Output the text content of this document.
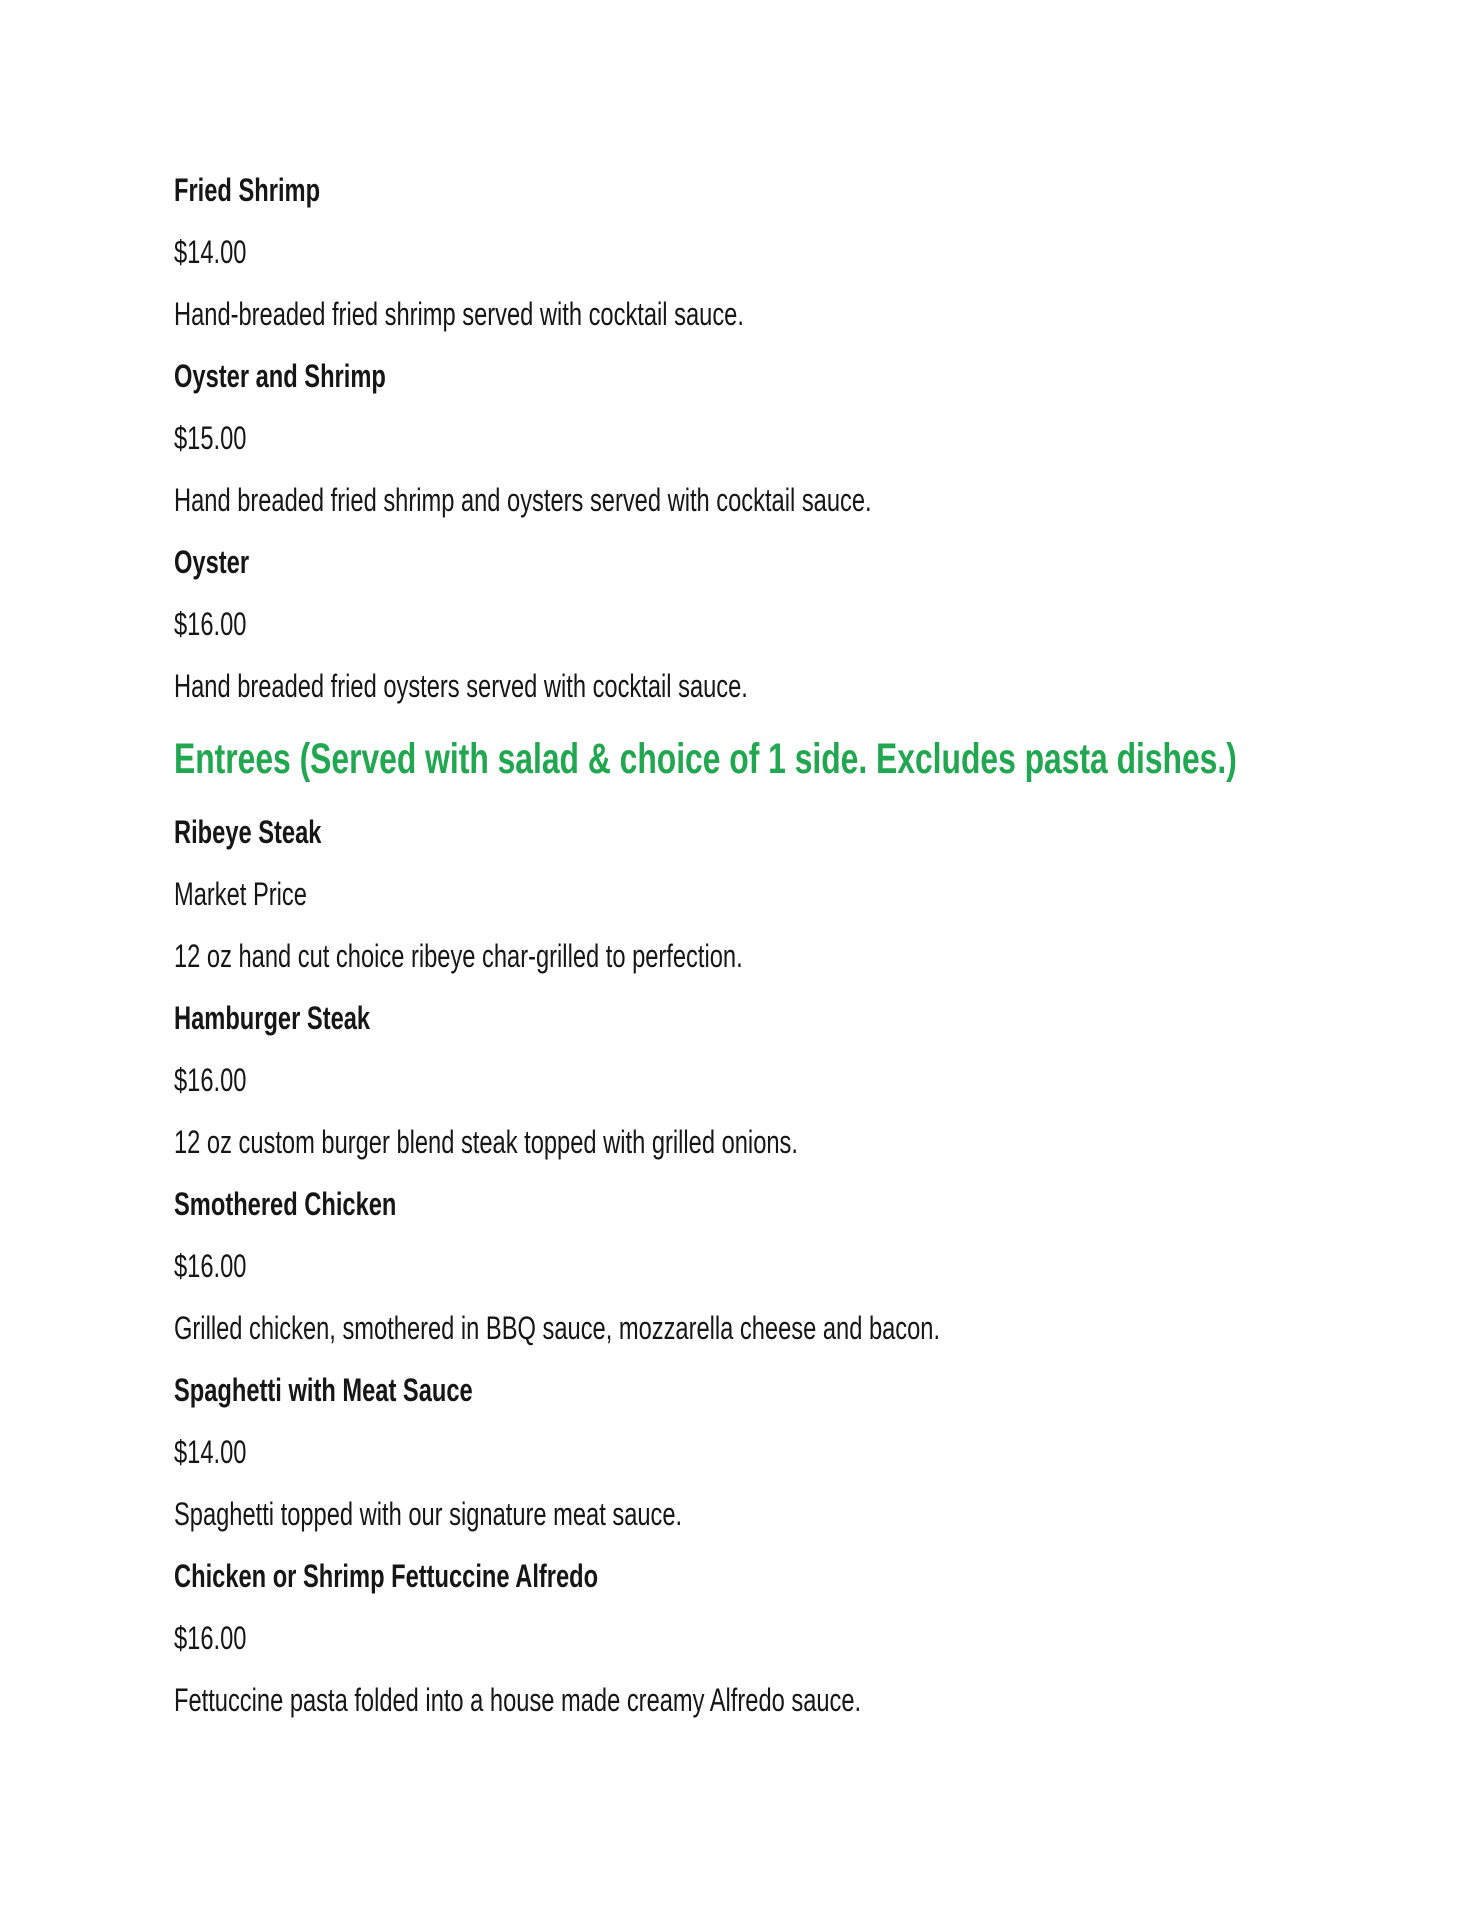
Fried Shrimp

$14.00

Hand-breaded fried shrimp served with cocktail sauce.

Oyster and Shrimp

$15.00

Hand breaded fried shrimp and oysters served with cocktail sauce.

Oyster

$16.00

Hand breaded fried oysters served with cocktail sauce.

Entrees (Served with salad & choice of 1 side. Excludes pasta dishes.)

Ribeye Steak

Market Price

12 oz hand cut choice ribeye char-grilled to perfection.

Hamburger Steak

$16.00

12 oz custom burger blend steak topped with grilled onions.

Smothered Chicken

$16.00

Grilled chicken, smothered in BBQ sauce, mozzarella cheese and bacon.

Spaghetti with Meat Sauce

$14.00

Spaghetti topped with our signature meat sauce.

Chicken or Shrimp Fettuccine Alfredo

$16.00

Fettuccine pasta folded into a house made creamy Alfredo sauce.
